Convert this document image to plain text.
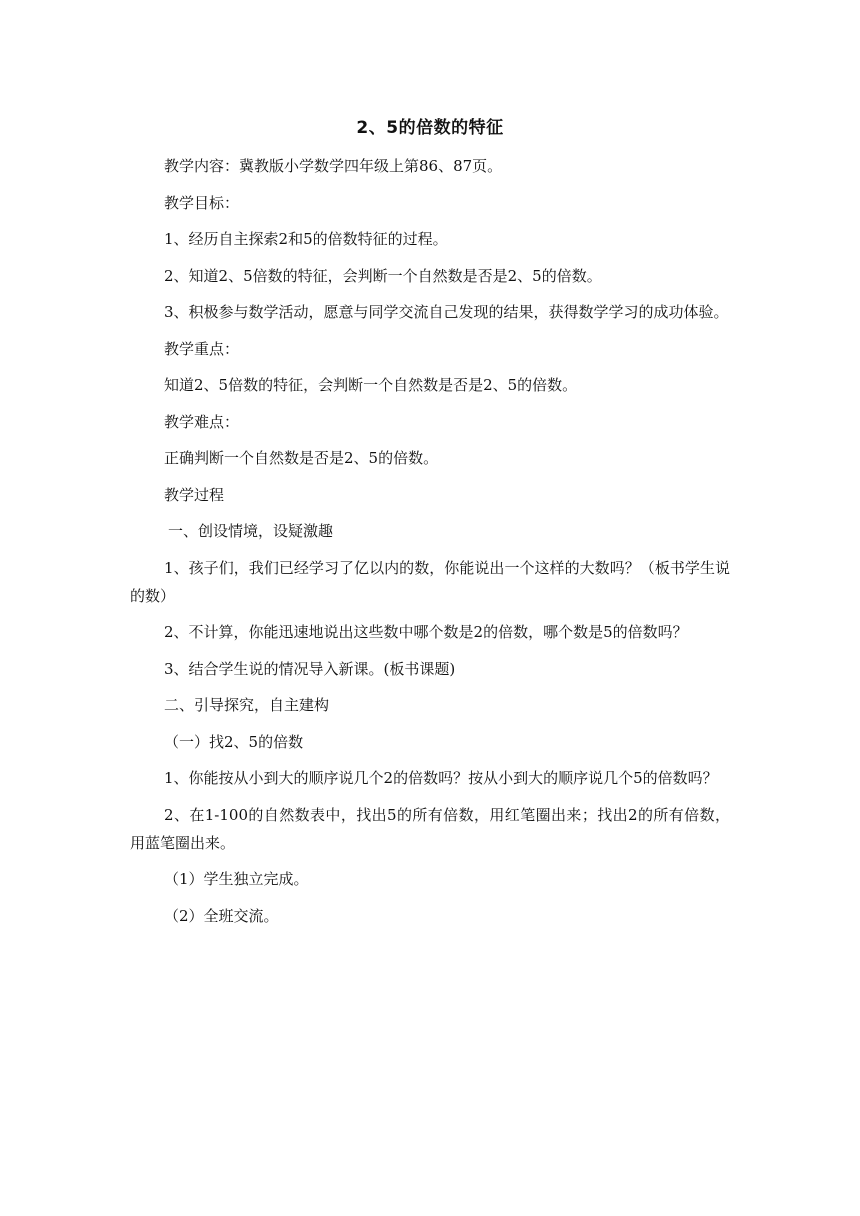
2、5的倍数的特征

教学内容：冀教版小学数学四年级上第86、87页。

教学目标：

1、经历自主探索2和5的倍数特征的过程。

2、知道2、5倍数的特征，会判断一个自然数是否是2、5的倍数。

3、积极参与数学活动，愿意与同学交流自己发现的结果，获得数学学习的成功体验。

教学重点：

知道2、5倍数的特征，会判断一个自然数是否是2、5的倍数。

教学难点：

正确判断一个自然数是否是2、5的倍数。

教学过程

一、创设情境，设疑激趣

1、孩子们，我们已经学习了亿以内的数，你能说出一个这样的大数吗？（板书学生说的数）

2、不计算，你能迅速地说出这些数中哪个数是2的倍数，哪个数是5的倍数吗？

3、结合学生说的情况导入新课。(板书课题)

二、引导探究，自主建构

（一）找2、5的倍数

1、你能按从小到大的顺序说几个2的倍数吗？按从小到大的顺序说几个5的倍数吗？

2、在1-100的自然数表中，找出5的所有倍数，用红笔圈出来；找出2的所有倍数，用蓝笔圈出来。

（1）学生独立完成。

（2）全班交流。
